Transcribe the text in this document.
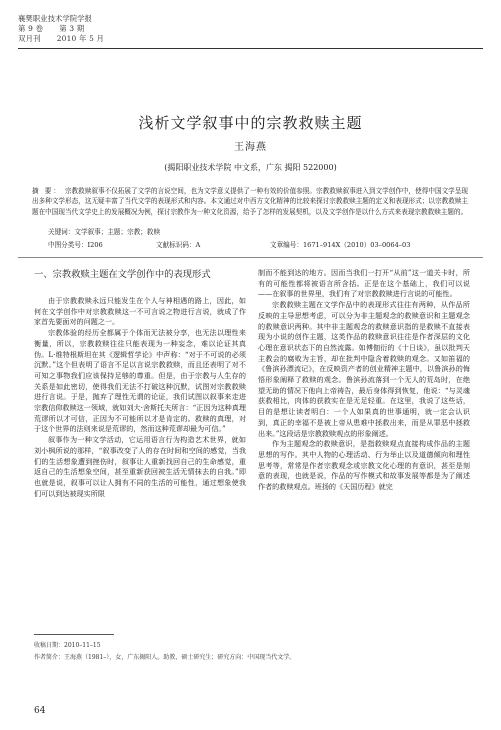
襄樊职业技术学院学报
第 9 卷 第 3 期
双月刊 2010 年 5 月
浅析文学叙事中的宗教救赎主题
王海燕
(揭阳职业技术学院 中文系，广东 揭阳 522000)
摘 要： 宗教救赎叙事不仅拓展了文学的言说空间，也为文学意义提供了一种有效的价值参照。宗教救赎叙事进入到文学创作中，使得中国文学呈现出多种文学形态，这无疑丰富了当代文学的表现形式和内容。本文通过对中西方文化精神的比较来探讨宗教救赎主题的定义和表现形式；以宗教救赎主题在中国现当代文学史上的发展概况为例，探讨宗教作为一种文化资源，给予了怎样的发展契机，以及文学创作是以什么方式来表现宗教救赎主题的。
关键词：文学叙事；主题；宗教；救赎
中图分类号：I206	文献标识码：A	文章编号：1671–914X（2010）03–0064–03
一、宗教救赎主题在文学创作中的表现形式

由于宗教救赎永远只能发生在个人与神相遇的路上，因此，如何在文学创作中对宗教救赎这一不可言说之物进行言说，就成了作家首先要面对的问题之一。

宗教体验的经历全都属于个体而无法被分享，也无法以理性来衡量，所以，宗教救赎往往只能表现为一种妄念，难以论证其真伪。L·维特根斯坦在其《逻辑哲学论》中声称：“对于不可说的必须沉默。”这个但表明了语言不足以言说宗教救赎，而且还表明了对不可知之事物我们应该保持足够的尊重。但是，由于宗教与人生存的关系是如此密切，使得我们无法不打破这种沉默，试图对宗教救赎进行言说。于是，抛弃了理性无谓的论证，我们试图以叙事来走进宗教信仰救赎这一领域，就如刘大·舍斯托夫所言：“正因为这种真理荒谬所以才可信，正因为不可能所以才是肯定的。救赎的真理，对于这个世界的法则来说是荒谬的，然而这种荒谬却最为可信。”

叙事作为一种文学活动，它运用语言行为构造艺术世界，就如刘小枫所说的那样，“叙事改变了人的存在时间和空间的感觉，当我们的生活想象遭到挫伤时，叙事让人重新找回自己的生命感觉，重返自己的生活想象空间，甚至重新获回被生活无情抹去的自我。”即也就是说，叙事可以让人拥有不同的生活的可能性，通过想象使我们可以到达被现实所限

制而不能到达的地方。因而当我们一打开“从前”这一道关卡时，所有的可能性都将被语言所含括。正是在这个基础上，我们可以说——在叙事的世界里，我们有了对宗教救赎进行言说的可能性。

宗教救赎主题在文学作品中的表现形式往往有两种，从作品所反映的主导思想考虑，可以分为非主题观念的救赎意识和主题观念的救赎意识两种。其中非主题观念的救赎意识指的是救赎不直接表现为小说的创作主题，这类作品的救赎意识往往是作者深层的文化心理在意识状态下的自然流露。如傅伽衍的《十日谈》，虽以批判天主教会的腐败为主旨，却在批判中隐含着救赎的观念。又如笛福的《鲁滨孙漂流记》，在反映资产者的创业精神主题中，以鲁滨孙的悔悟形象阐释了救赎的观念。鲁滨孙流落到一个无人的荒岛时，在绝望无助的情况下他向上帝祷告，最后身体得到恢复，他说：“与灵魂获救相比，肉体的获救实在是无足轻重。在这里，我说了这些话，目的是想让读者明白：一个人如果真的世事通明，就一定会认识到，真正的幸福不是被上帝从患难中拯救出来，而是从罪恶中拯救出来。”这段话是宗教救赎观点的形象阐述。

作为主题观念的救赎意识，是指救赎观点直接构成作品的主题思想的写作。其中人物的心理活动、行为举止以及道德倾向和理性思考等，常常是作者宗教观念或宗教文化心理的有意识，甚至是刻意的表现，也就是说，作品的写作模式和故事发展等都是为了阐述作者的救赎观点。班扬的《天国历程》就完

收稿日期：2010–11–15
作者简介：王海燕（1981–），女，广东揭阳人。助教，硕士研究生；研究方向：中国现当代文学。
64
